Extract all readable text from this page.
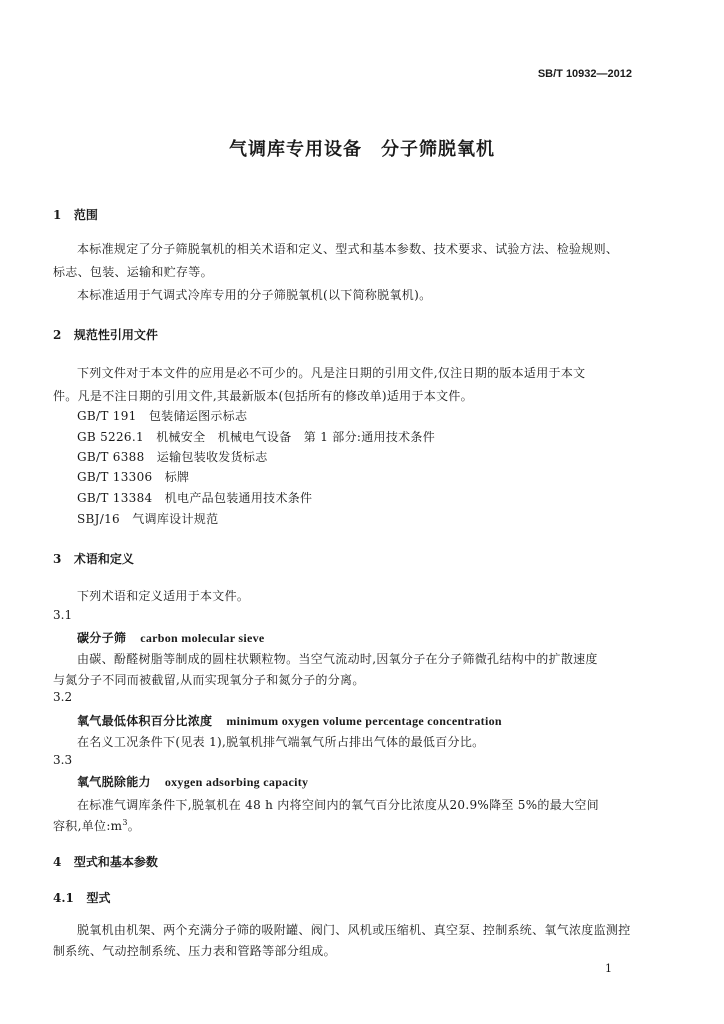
SB/T 10932—2012
气调库专用设备　分子筛脱氧机
1 范围
本标准规定了分子筛脱氧机的相关术语和定义、型式和基本参数、技术要求、试验方法、检验规则、
标志、包装、运输和贮存等。
本标准适用于气调式冷库专用的分子筛脱氧机(以下简称脱氧机)。
2 规范性引用文件
下列文件对于本文件的应用是必不可少的。凡是注日期的引用文件,仅注日期的版本适用于本文
件。凡是不注日期的引用文件,其最新版本(包括所有的修改单)适用于本文件。
GB/T 191　包装储运图示标志
GB 5226.1　机械安全　机械电气设备　第 1 部分:通用技术条件
GB/T 6388　运输包装收发货标志
GB/T 13306　标牌
GB/T 13384　机电产品包装通用技术条件
SBJ/16　气调库设计规范
3 术语和定义
下列术语和定义适用于本文件。
3.1
碳分子筛 carbon molecular sieve
由碳、酚醛树脂等制成的圆柱状颗粒物。当空气流动时,因氧分子在分子筛微孔结构中的扩散速度
与氮分子不同而被截留,从而实现氧分子和氮分子的分离。
3.2
氧气最低体积百分比浓度 minimum oxygen volume percentage concentration
在名义工况条件下(见表 1),脱氧机排气端氧气所占排出气体的最低百分比。
3.3
氧气脱除能力 oxygen adsorbing capacity
在标准气调库条件下,脱氧机在 48 h 内将空间内的氧气百分比浓度从20.9%降至 5%的最大空间
容积,单位$:m^3$。
4 型式和基本参数
4.1 型式
脱氧机由机架、两个充满分子筛的吸附罐、阀门、风机或压缩机、真空泵、控制系统、氧气浓度监测控
制系统、气动控制系统、压力表和管路等部分组成。
1
